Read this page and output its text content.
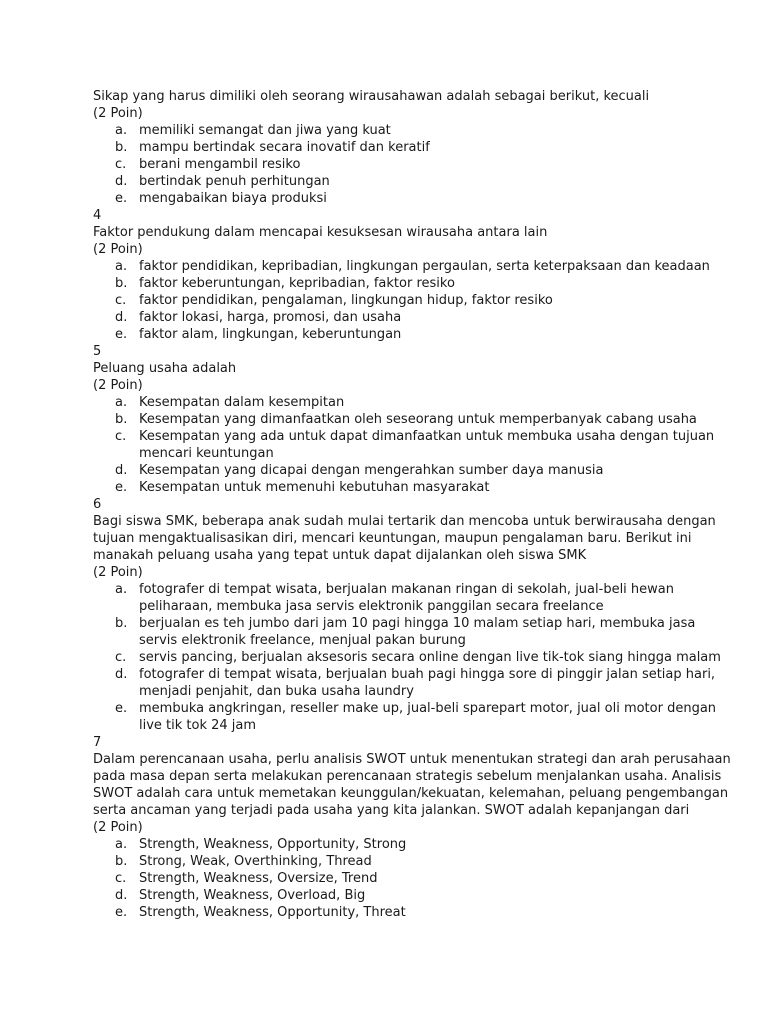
Sikap yang harus dimiliki oleh seorang wirausahawan adalah sebagai berikut, kecuali

(2 Poin)

a. memiliki semangat dan jiwa yang kuat
b. mampu bertindak secara inovatif dan keratif
c. berani mengambil resiko
d. bertindak penuh perhitungan
e. mengabaikan biaya produksi

4

Faktor pendukung dalam mencapai kesuksesan wirausaha antara lain

(2 Poin)

a. faktor pendidikan, kepribadian, lingkungan pergaulan, serta keterpaksaan dan keadaan
b. faktor keberuntungan, kepribadian, faktor resiko
c. faktor pendidikan, pengalaman, lingkungan hidup, faktor resiko
d. faktor lokasi, harga, promosi, dan usaha
e. faktor alam, lingkungan, keberuntungan

5

Peluang usaha adalah

(2 Poin)

a. Kesempatan dalam kesempitan
b. Kesempatan yang dimanfaatkan oleh seseorang untuk memperbanyak cabang usaha
c. Kesempatan yang ada untuk dapat dimanfaatkan untuk membuka usaha dengan tujuan
mencari keuntungan
d. Kesempatan yang dicapai dengan mengerahkan sumber daya manusia
e. Kesempatan untuk memenuhi kebutuhan masyarakat

6

Bagi siswa SMK, beberapa anak sudah mulai tertarik dan mencoba untuk berwirausaha dengan

tujuan mengaktualisasikan diri, mencari keuntungan, maupun pengalaman baru. Berikut ini

manakah peluang usaha yang tepat untuk dapat dijalankan oleh siswa SMK

(2 Poin)

a. fotografer di tempat wisata, berjualan makanan ringan di sekolah, jual-beli hewan
peliharaan, membuka jasa servis elektronik panggilan secara freelance
b. berjualan es teh jumbo dari jam 10 pagi hingga 10 malam setiap hari, membuka jasa
servis elektronik freelance, menjual pakan burung
c. servis pancing, berjualan aksesoris secara online dengan live tik-tok siang hingga malam
d. fotografer di tempat wisata, berjualan buah pagi hingga sore di pinggir jalan setiap hari,
menjadi penjahit, dan buka usaha laundry
e. membuka angkringan, reseller make up, jual-beli sparepart motor, jual oli motor dengan
live tik tok 24 jam

7

Dalam perencanaan usaha, perlu analisis SWOT untuk menentukan strategi dan arah perusahaan

pada masa depan serta melakukan perencanaan strategis sebelum menjalankan usaha. Analisis

SWOT adalah cara untuk memetakan keunggulan/kekuatan, kelemahan, peluang pengembangan

serta ancaman yang terjadi pada usaha yang kita jalankan. SWOT adalah kepanjangan dari

(2 Poin)

a. Strength, Weakness, Opportunity, Strong
b. Strong, Weak, Overthinking, Thread
c. Strength, Weakness, Oversize, Trend
d. Strength, Weakness, Overload, Big
e. Strength, Weakness, Opportunity, Threat
